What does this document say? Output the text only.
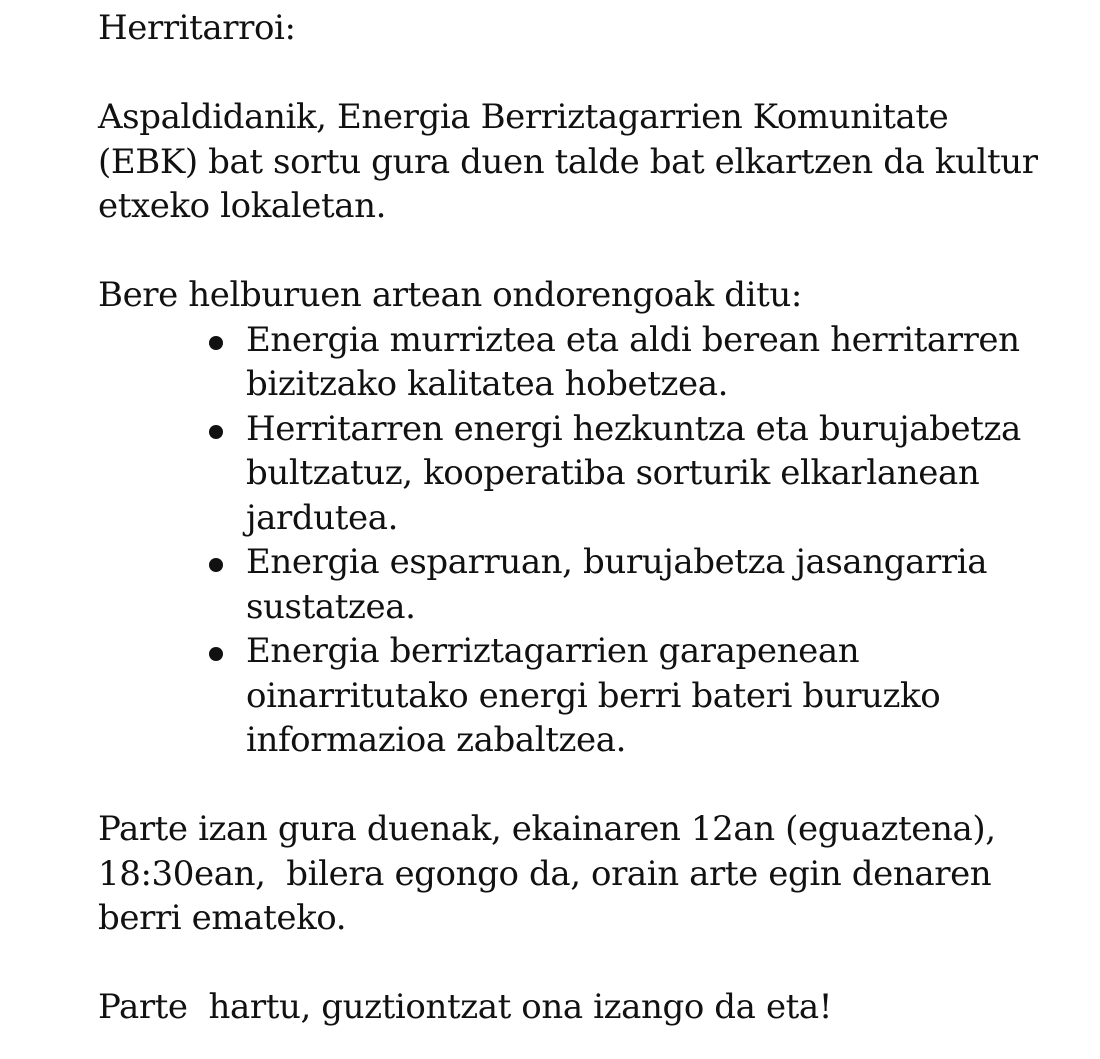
Herritarroi:

Aspaldidanik, Energia Berriztagarrien Komunitate (EBK) bat sortu gura duen talde bat elkartzen da kultur etxeko lokaletan.

Bere helburuen artean ondorengoak ditu:

Energia murriztea eta aldi berean herritarren bizitzako kalitatea hobetzea.
Herritarren energi hezkuntza eta burujabetza bultzatuz, kooperatiba sorturik elkarlanean jardutea.
Energia esparruan, burujabetza jasangarria sustatzea.
Energia berriztagarrien garapenean oinarritutako energi berri bateri buruzko informazioa zabaltzea.

Parte izan gura duenak, ekainaren 12an (eguaztena), 18:30ean,  bilera egongo da, orain arte egin denaren berri emateko.

Parte  hartu, guztiontzat ona izango da eta!
